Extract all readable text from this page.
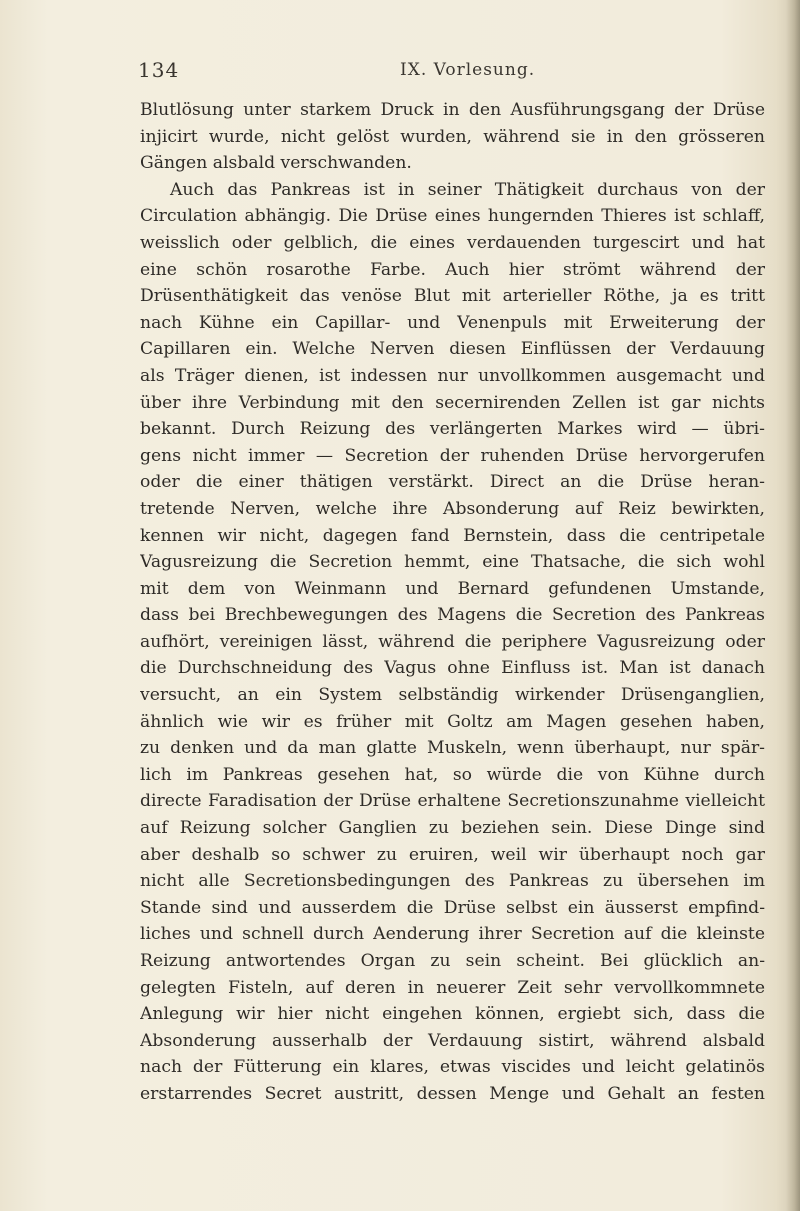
134	IX. Vorlesung.
Blutlösung unter starkem Druck in den Ausführungsgang der Drüse
injicirt wurde, nicht gelöst wurden, während sie in den grösseren
Gängen alsbald verschwanden.
Auch das Pankreas ist in seiner Thätigkeit durchaus von der
Circulation abhängig. Die Drüse eines hungernden Thieres ist schlaff,
weisslich oder gelblich, die eines verdauenden turgescirt und hat
eine schön rosarothe Farbe. Auch hier strömt während der
Drüsenthätigkeit das venöse Blut mit arterieller Röthe, ja es tritt
nach Kühne ein Capillar- und Venenpuls mit Erweiterung der
Capillaren ein. Welche Nerven diesen Einflüssen der Verdauung
als Träger dienen, ist indessen nur unvollkommen ausgemacht und
über ihre Verbindung mit den secernirenden Zellen ist gar nichts
bekannt. Durch Reizung des verlängerten Markes wird — übri-
gens nicht immer — Secretion der ruhenden Drüse hervorgerufen
oder die einer thätigen verstärkt. Direct an die Drüse heran-
tretende Nerven, welche ihre Absonderung auf Reiz bewirkten,
kennen wir nicht, dagegen fand Bernstein, dass die centripetale
Vagusreizung die Secretion hemmt, eine Thatsache, die sich wohl
mit dem von Weinmann und Bernard gefundenen Umstande,
dass bei Brechbewegungen des Magens die Secretion des Pankreas
aufhört, vereinigen lässt, während die periphere Vagusreizung oder
die Durchschneidung des Vagus ohne Einfluss ist. Man ist danach
versucht, an ein System selbständig wirkender Drüsenganglien,
ähnlich wie wir es früher mit Goltz am Magen gesehen haben,
zu denken und da man glatte Muskeln, wenn überhaupt, nur spär-
lich im Pankreas gesehen hat, so würde die von Kühne durch
directe Faradisation der Drüse erhaltene Secretionszunahme vielleicht
auf Reizung solcher Ganglien zu beziehen sein. Diese Dinge sind
aber deshalb so schwer zu eruiren, weil wir überhaupt noch gar
nicht alle Secretionsbedingungen des Pankreas zu übersehen im
Stande sind und ausserdem die Drüse selbst ein äusserst empfind-
liches und schnell durch Aenderung ihrer Secretion auf die kleinste
Reizung antwortendes Organ zu sein scheint. Bei glücklich an-
gelegten Fisteln, auf deren in neuerer Zeit sehr vervollkommnete
Anlegung wir hier nicht eingehen können, ergiebt sich, dass die
Absonderung ausserhalb der Verdauung sistirt, während alsbald
nach der Fütterung ein klares, etwas viscides und leicht gelatinös
erstarrendes Secret austritt, dessen Menge und Gehalt an festen
